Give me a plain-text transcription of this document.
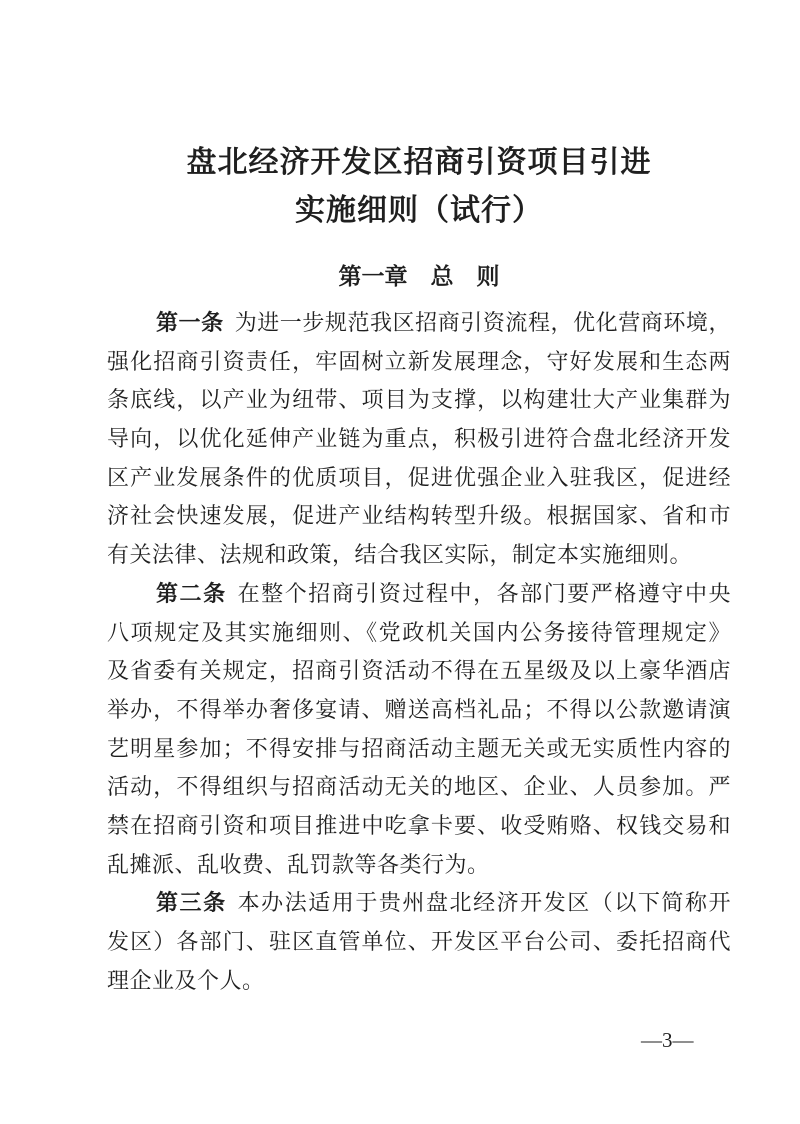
盘北经济开发区招商引资项目引进
实施细则（试行）
第一章　总　则
第一条 为进一步规范我区招商引资流程，优化营商环境，
强化招商引资责任，牢固树立新发展理念，守好发展和生态两
条底线，以产业为纽带、项目为支撑，以构建壮大产业集群为
导向，以优化延伸产业链为重点，积极引进符合盘北经济开发
区产业发展条件的优质项目，促进优强企业入驻我区，促进经
济社会快速发展，促进产业结构转型升级。根据国家、省和市
有关法律、法规和政策，结合我区实际，制定本实施细则。
第二条 在整个招商引资过程中，各部门要严格遵守中央
八项规定及其实施细则、《党政机关国内公务接待管理规定》
及省委有关规定，招商引资活动不得在五星级及以上豪华酒店
举办，不得举办奢侈宴请、赠送高档礼品；不得以公款邀请演
艺明星参加；不得安排与招商活动主题无关或无实质性内容的
活动，不得组织与招商活动无关的地区、企业、人员参加。严
禁在招商引资和项目推进中吃拿卡要、收受贿赂、权钱交易和
乱摊派、乱收费、乱罚款等各类行为。
第三条 本办法适用于贵州盘北经济开发区（以下简称开
发区）各部门、驻区直管单位、开发区平台公司、委托招商代
理企业及个人。
—3—
